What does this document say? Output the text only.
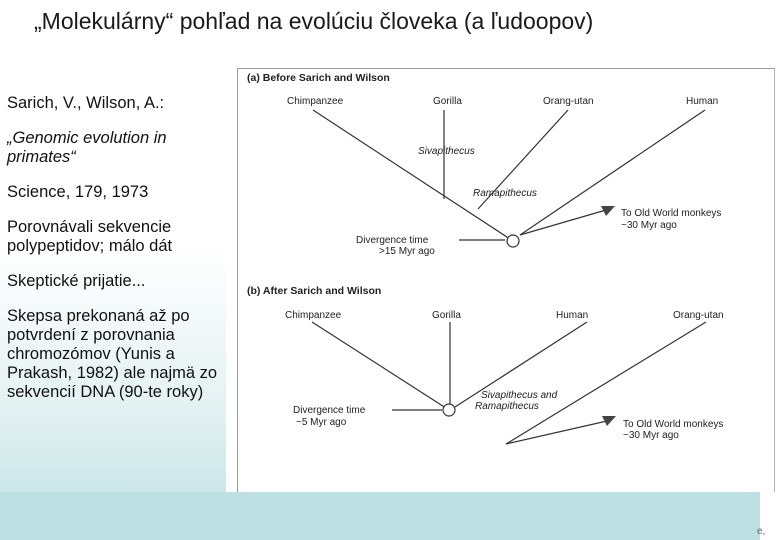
„Molekulárny“ pohľad na evolúciu človeka (a ľudoopov)

Sarich, V., Wilson, A.:

„Genomic evolution in primates“

Science, 179, 1973

Porovnávali sekvencie polypeptidov; málo dát

Skeptické prijatie...

Skepsa prekonaná až po potvrdení z porovnania chromozómov (Yunis a Prakash, 1982) ale najmä zo sekvencií DNA (90-te roky)

(a) Before Sarich and Wilson
Chimpanzee	Gorilla	Orang-utan	Human
Sivapithecus
Ramapithecus
Divergence time
>15 Myr ago
To Old World monkeys
~30 Myr ago
(b) After Sarich and Wilson
Chimpanzee	Gorilla	Human	Orang-utan
Sivapithecus and
Ramapithecus
Divergence time
~5 Myr ago	To Old World monkeys
~30 Myr ago
e,
